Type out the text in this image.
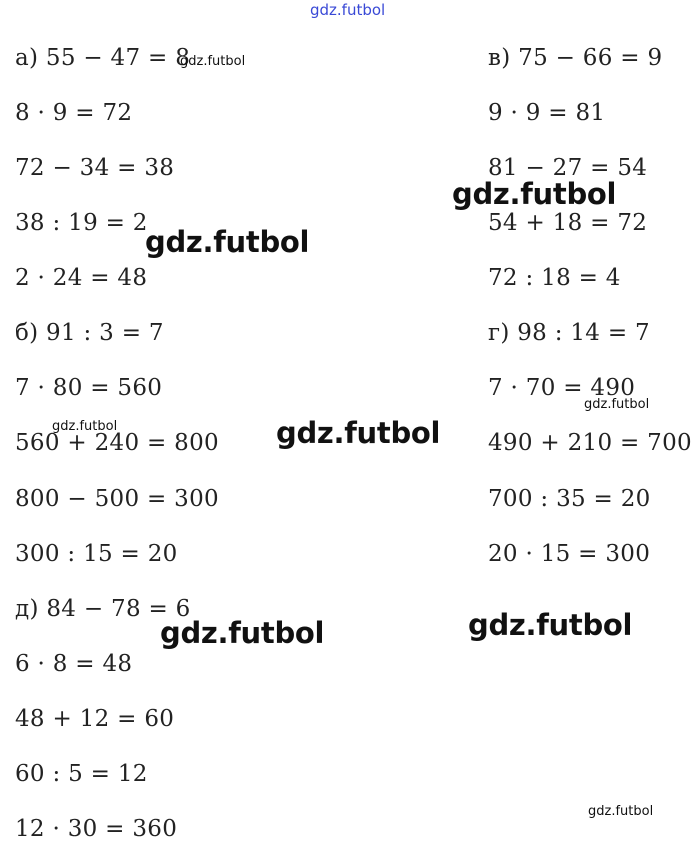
gdz.futbol
а) 55 − 47 = 8
8 · 9 = 72
72 − 34 = 38
38 : 19 = 2
2 · 24 = 48
б) 91 : 3 = 7
7 · 80 = 560
560 + 240 = 800
800 − 500 = 300
300 : 15 = 20
д) 84 − 78 = 6
6 · 8 = 48
48 + 12 = 60
60 : 5 = 12
12 · 30 = 360
в) 75 − 66 = 9
9 · 9 = 81
81 − 27 = 54
54 + 18 = 72
72 : 18 = 4
г) 98 : 14 = 7
7 · 70 = 490
490 + 210 = 700
700 : 35 = 20
20 · 15 = 300
gdz.futbol
gdz.futbol
gdz.futbol
gdz.futbol
gdz.futbol	gdz.futbol
gdz.futbol
gdz.futbol
gdz.futbol
